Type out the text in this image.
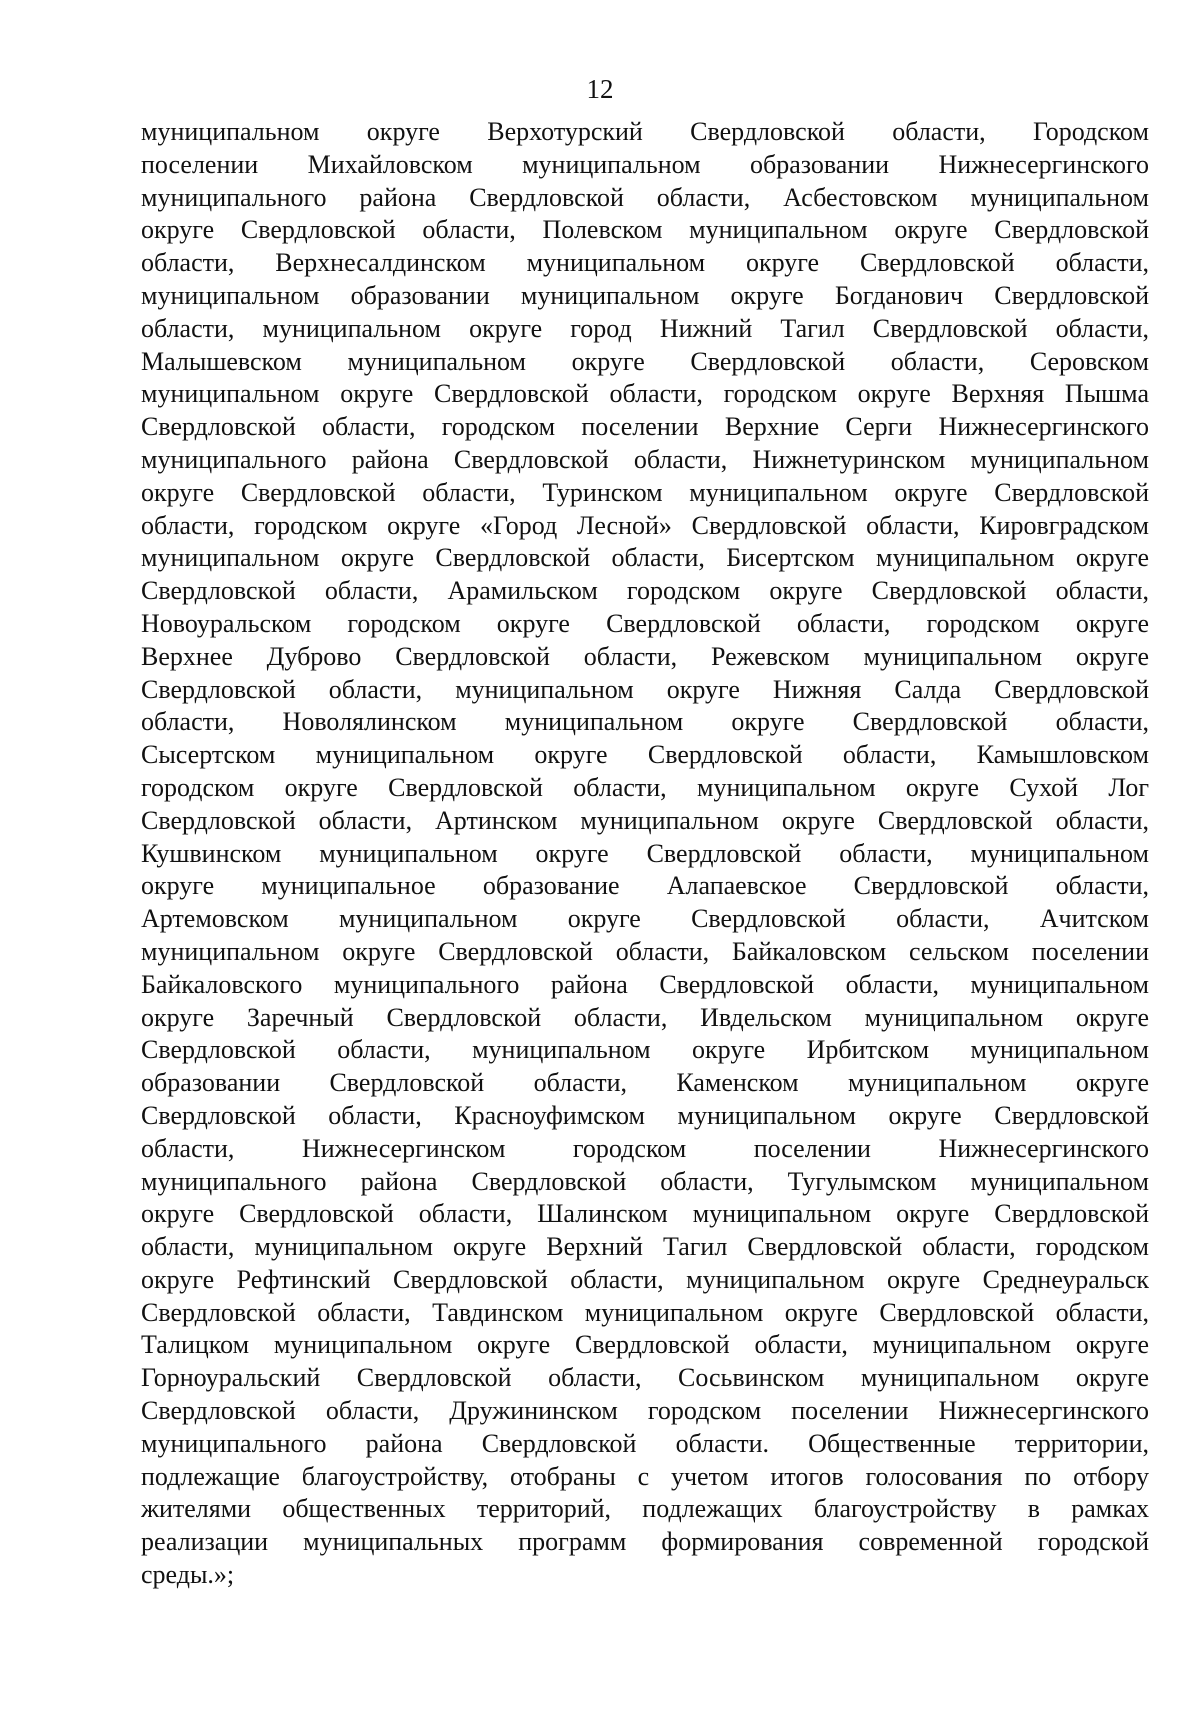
12

муниципальном округе Верхотурский Свердловской области, Городском
поселении Михайловском муниципальном образовании Нижнесергинского
муниципального района Свердловской области, Асбестовском муниципальном
округе Свердловской области, Полевском муниципальном округе Свердловской
области, Верхнесалдинском муниципальном округе Свердловской области,
муниципальном образовании муниципальном округе Богданович Свердловской
области, муниципальном округе город Нижний Тагил Свердловской области,
Малышевском муниципальном округе Свердловской области, Серовском
муниципальном округе Свердловской области, городском округе Верхняя Пышма
Свердловской области, городском поселении Верхние Серги Нижнесергинского
муниципального района Свердловской области, Нижнетуринском муниципальном
округе Свердловской области, Туринском муниципальном округе Свердловской
области, городском округе «Город Лесной» Свердловской области, Кировградском
муниципальном округе Свердловской области, Бисертском муниципальном округе
Свердловской области, Арамильском городском округе Свердловской области,
Новоуральском городском округе Свердловской области, городском округе
Верхнее Дуброво Свердловской области, Режевском муниципальном округе
Свердловской области, муниципальном округе Нижняя Салда Свердловской
области, Новолялинском муниципальном округе Свердловской области,
Сысертском муниципальном округе Свердловской области, Камышловском
городском округе Свердловской области, муниципальном округе Сухой Лог
Свердловской области, Артинском муниципальном округе Свердловской области,
Кушвинском муниципальном округе Свердловской области, муниципальном
округе муниципальное образование Алапаевское Свердловской области,
Артемовском муниципальном округе Свердловской области, Ачитском
муниципальном округе Свердловской области, Байкаловском сельском поселении
Байкаловского муниципального района Свердловской области, муниципальном
округе Заречный Свердловской области, Ивдельском муниципальном округе
Свердловской области, муниципальном округе Ирбитском муниципальном
образовании Свердловской области, Каменском муниципальном округе
Свердловской области, Красноуфимском муниципальном округе Свердловской
области, Нижнесергинском городском поселении Нижнесергинского
муниципального района Свердловской области, Тугулымском муниципальном
округе Свердловской области, Шалинском муниципальном округе Свердловской
области, муниципальном округе Верхний Тагил Свердловской области, городском
округе Рефтинский Свердловской области, муниципальном округе Среднеуральск
Свердловской области, Тавдинском муниципальном округе Свердловской области,
Талицком муниципальном округе Свердловской области, муниципальном округе
Горноуральский Свердловской области, Сосьвинском муниципальном округе
Свердловской области, Дружининском городском поселении Нижнесергинского
муниципального района Свердловской области. Общественные территории,
подлежащие благоустройству, отобраны с учетом итогов голосования по отбору
жителями общественных территорий, подлежащих благоустройству в рамках
реализации муниципальных программ формирования современной городской
среды.»;
